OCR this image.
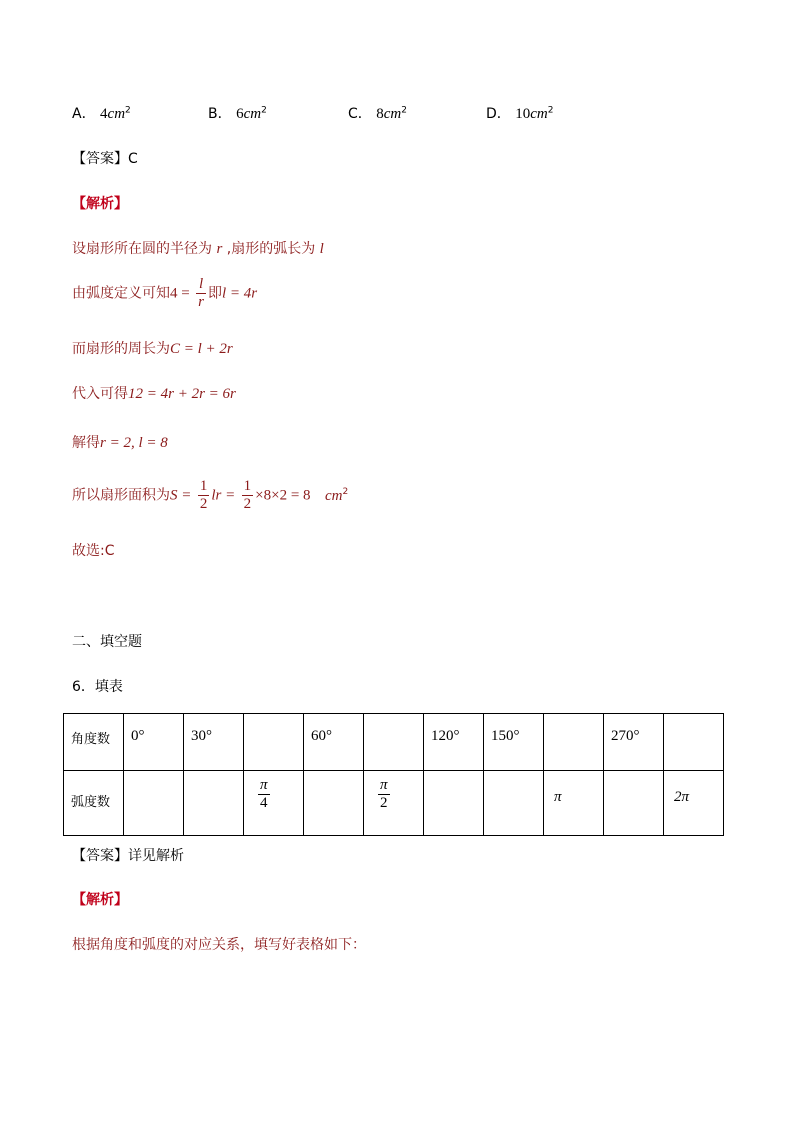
A． $4cm^2$	B． $6cm^2$	C． $8cm^2$	D． $10cm^2$
【答案】C
【解析】
设扇形所在圆的半径为 r ,扇形的弧长为 l
由弧度定义可知$4 = \frac{l}{r}$ 即l = 4r
而扇形的周长为C = l + 2r
代入可得12 = 4r + 2r = 6r
解得r = 2, l = 8
所以扇形面积为$S = \frac{1}{2}$ lr = $\frac{1}{2} \times 8\times 2 = 8$ $cm^2$
故选:C
二、填空题
6．填表
角度数	0°	30°		60°		120°	150°		270°	

弧度数			$\frac{\pi}{4}$		$\frac{\pi}{2}$			π		2π
【答案】详见解析
【解析】
根据角度和弧度的对应关系，填写好表格如下：
